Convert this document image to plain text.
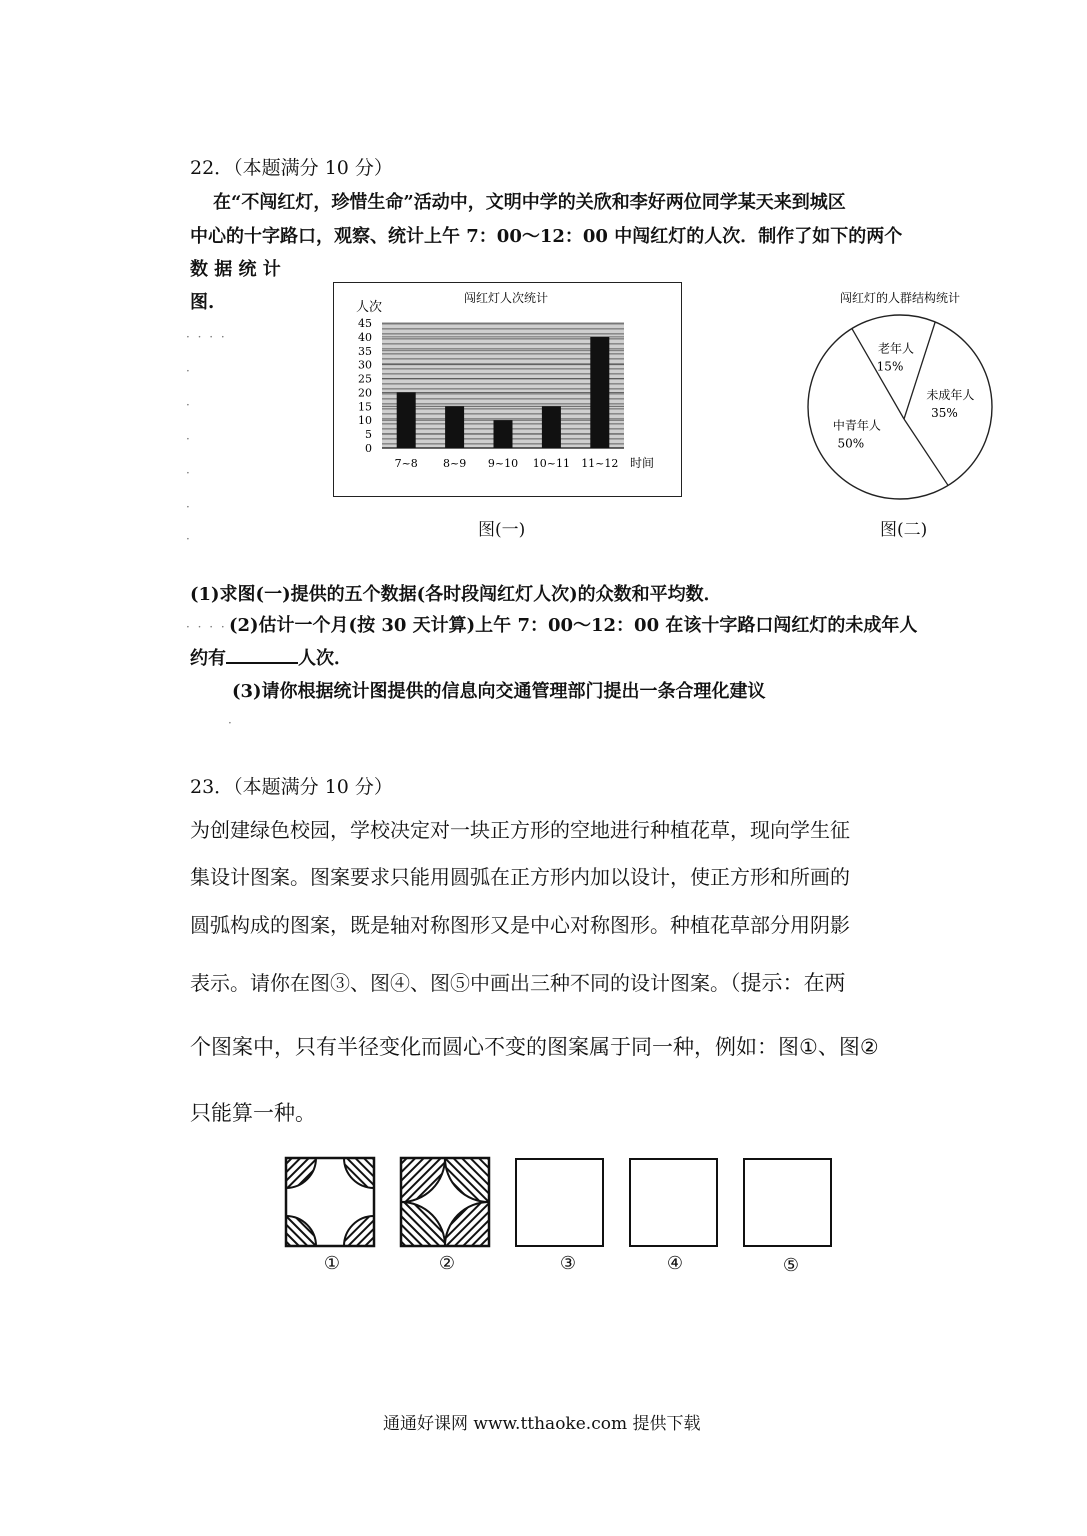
22．（本题满分 10 分）
在“不闯红灯，珍惜生命”活动中，文明中学的关欣和李好两位同学某天来到城区
中心的十字路口，观察、统计上午 7：00～12：00 中闯红灯的人次．制作了如下的两个
数 据 统 计
图.
· · · ·
·
·
·
·
·
·
闯红灯人次统计
人次
时间
0
5
10
15
20
25
30
35
40
45
7~8 8~9 9~10 10~11 11~12
图(一)
闯红灯的人群结构统计
老年人
15%
未成年人
35%
中青年人
50%
图(二)
(1)求图(一)提供的五个数据(各时段闯红灯人次)的众数和平均数．
· · · · (2)估计一个月(按 30 天计算)上午 7：00～12：00 在该十字路口闯红灯的未成年人
约有	人次．
(3)请你根据统计图提供的信息向交通管理部门提出一条合理化建议
·
23．（本题满分 10 分）
为创建绿色校园，学校决定对一块正方形的空地进行种植花草，现向学生征
集设计图案。图案要求只能用圆弧在正方形内加以设计，使正方形和所画的
圆弧构成的图案，既是轴对称图形又是中心对称图形。种植花草部分用阴影
表示。请你在图③、图④、图⑤中画出三种不同的设计图案。（提示：在两
个图案中，只有半径变化而圆心不变的图案属于同一种，例如：图①、图②
只能算一种。
①	②	③	④	⑤
通通好课网 www.tthaoke.com 提供下载
